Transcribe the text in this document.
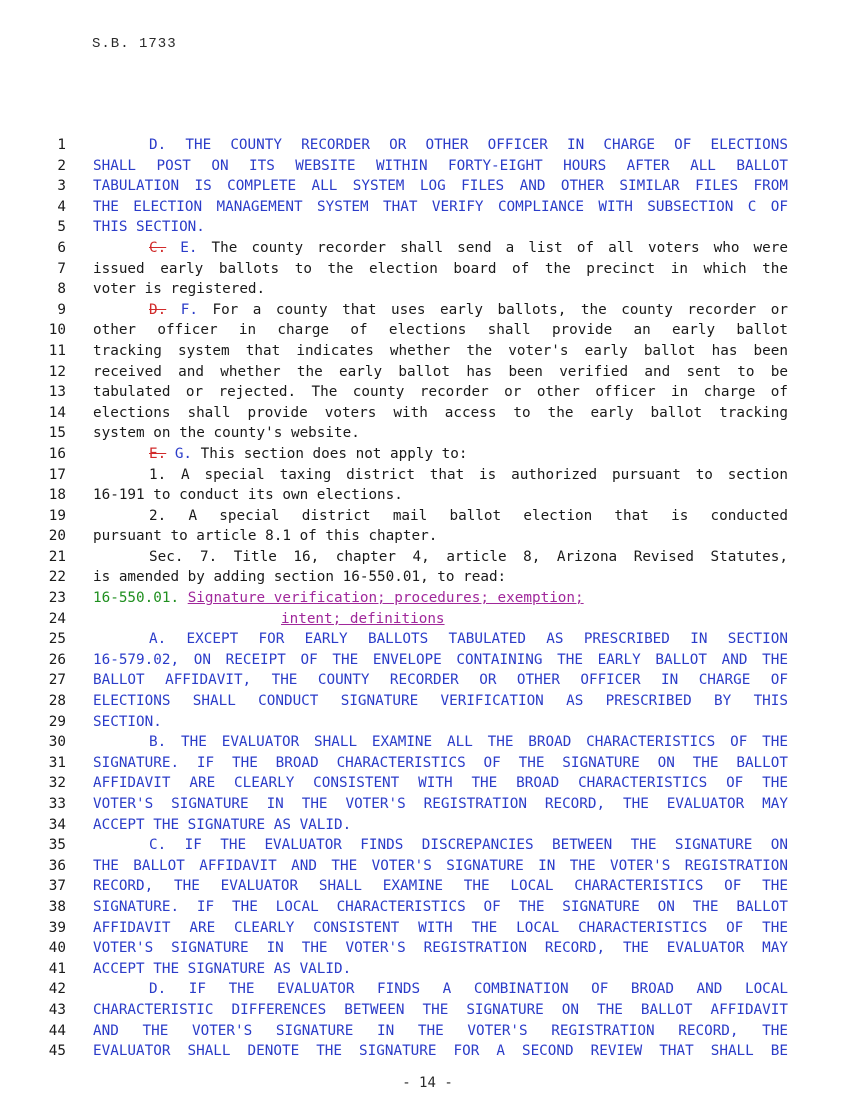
S.B. 1733
1	D. THE COUNTY RECORDER OR OTHER OFFICER IN CHARGE OF ELECTIONS
2 SHALL POST ON ITS WEBSITE WITHIN FORTY-EIGHT HOURS AFTER ALL BALLOT
3 TABULATION IS COMPLETE ALL SYSTEM LOG FILES AND OTHER SIMILAR FILES FROM
4 THE ELECTION MANAGEMENT SYSTEM THAT VERIFY COMPLIANCE WITH SUBSECTION C OF
5 THIS SECTION.
6	C. E. The county recorder shall send a list of all voters who were
7 issued early ballots to the election board of the precinct in which the
8 voter is registered.
9	D. F. For a county that uses early ballots, the county recorder or
10 other officer in charge of elections shall provide an early ballot
11 tracking system that indicates whether the voter's early ballot has been
12 received and whether the early ballot has been verified and sent to be
13 tabulated or rejected. The county recorder or other officer in charge of
14 elections shall provide voters with access to the early ballot tracking
15 system on the county's website.
16	E. G. This section does not apply to:
17	1. A special taxing district that is authorized pursuant to section
18 16-191 to conduct its own elections.
19	2. A special district mail ballot election that is conducted
20 pursuant to article 8.1 of this chapter.
21	Sec. 7. Title 16, chapter 4, article 8, Arizona Revised Statutes,
22 is amended by adding section 16-550.01, to read:
23 16-550.01. Signature verification; procedures; exemption;
24	intent; definitions
25	A. EXCEPT FOR EARLY BALLOTS TABULATED AS PRESCRIBED IN SECTION
26 16-579.02, ON RECEIPT OF THE ENVELOPE CONTAINING THE EARLY BALLOT AND THE
27 BALLOT AFFIDAVIT, THE COUNTY RECORDER OR OTHER OFFICER IN CHARGE OF
28 ELECTIONS SHALL CONDUCT SIGNATURE VERIFICATION AS PRESCRIBED BY THIS
29 SECTION.
30	B. THE EVALUATOR SHALL EXAMINE ALL THE BROAD CHARACTERISTICS OF THE
31 SIGNATURE. IF THE BROAD CHARACTERISTICS OF THE SIGNATURE ON THE BALLOT
32 AFFIDAVIT ARE CLEARLY CONSISTENT WITH THE BROAD CHARACTERISTICS OF THE
33 VOTER'S SIGNATURE IN THE VOTER'S REGISTRATION RECORD, THE EVALUATOR MAY
34 ACCEPT THE SIGNATURE AS VALID.
35	C. IF THE EVALUATOR FINDS DISCREPANCIES BETWEEN THE SIGNATURE ON
36 THE BALLOT AFFIDAVIT AND THE VOTER'S SIGNATURE IN THE VOTER'S REGISTRATION
37 RECORD, THE EVALUATOR SHALL EXAMINE THE LOCAL CHARACTERISTICS OF THE
38 SIGNATURE. IF THE LOCAL CHARACTERISTICS OF THE SIGNATURE ON THE BALLOT
39 AFFIDAVIT ARE CLEARLY CONSISTENT WITH THE LOCAL CHARACTERISTICS OF THE
40 VOTER'S SIGNATURE IN THE VOTER'S REGISTRATION RECORD, THE EVALUATOR MAY
41 ACCEPT THE SIGNATURE AS VALID.
42	D. IF THE EVALUATOR FINDS A COMBINATION OF BROAD AND LOCAL
43 CHARACTERISTIC DIFFERENCES BETWEEN THE SIGNATURE ON THE BALLOT AFFIDAVIT
44 AND THE VOTER'S SIGNATURE IN THE VOTER'S REGISTRATION RECORD, THE
45 EVALUATOR SHALL DENOTE THE SIGNATURE FOR A SECOND REVIEW THAT SHALL BE
- 14 -
